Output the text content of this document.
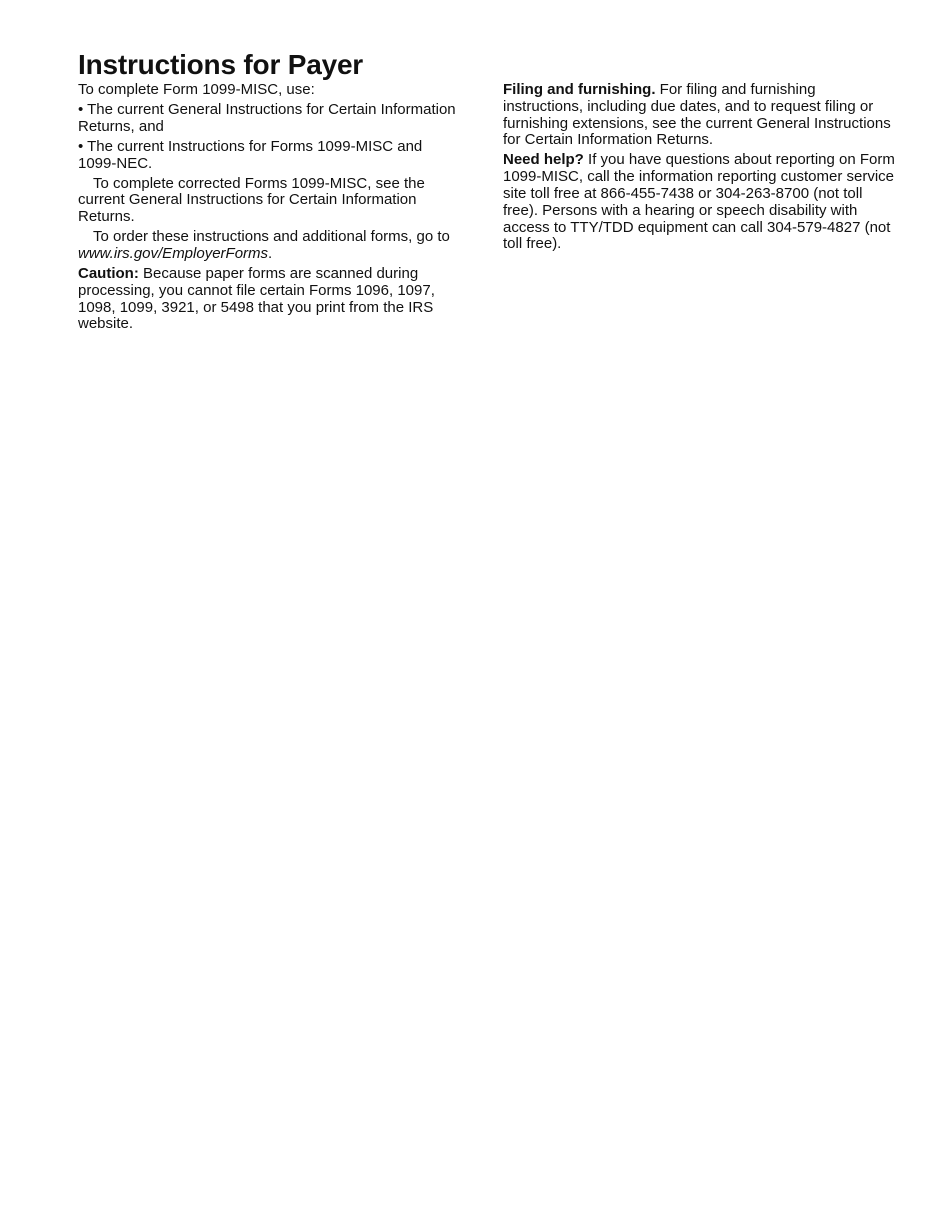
Instructions for Payer

To complete Form 1099-MISC, use:

• The current General Instructions for Certain Information Returns, and

• The current Instructions for Forms 1099-MISC and 1099-NEC.

To complete corrected Forms 1099-MISC, see the current General Instructions for Certain Information Returns.

To order these instructions and additional forms, go to www.irs.gov/EmployerForms.

Caution: Because paper forms are scanned during processing, you cannot file certain Forms 1096, 1097, 1098, 1099, 3921, or 5498 that you print from the IRS website.

Filing and furnishing. For filing and furnishing instructions, including due dates, and to request filing or furnishing extensions, see the current General Instructions for Certain Information Returns.

Need help? If you have questions about reporting on Form 1099-MISC, call the information reporting customer service site toll free at 866-455-7438 or 304-263-8700 (not toll free). Persons with a hearing or speech disability with access to TTY/TDD equipment can call 304-579-4827 (not toll free).
